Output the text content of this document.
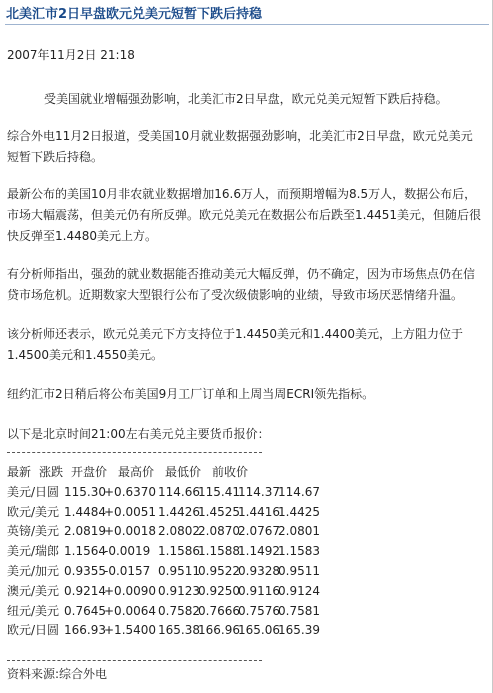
北美汇市2日早盘欧元兑美元短暂下跌后持稳
2007年11月2日 21:18
受美国就业增幅强劲影响，北美汇市2日早盘，欧元兑美元短暂下跌后持稳。
综合外电11月2日报道，受美国10月就业数据强劲影响，北美汇市2日早盘，欧元兑美元
短暂下跌后持稳。
最新公布的美国10月非农就业数据增加16.6万人，而预期增幅为8.5万人，数据公布后，
市场大幅震荡，但美元仍有所反弹。欧元兑美元在数据公布后跌至1.4451美元，但随后很
快反弹至1.4480美元上方。
有分析师指出，强劲的就业数据能否推动美元大幅反弹，仍不确定，因为市场焦点仍在信
贷市场危机。近期数家大型银行公布了受次级债影响的业绩，导致市场厌恶情绪升温。
该分析师还表示，欧元兑美元下方支持位于1.4450美元和1.4400美元，上方阻力位于
1.4500美元和1.4550美元。
纽约汇市2日稍后将公布美国9月工厂订单和上周当周ECRI领先指标。
以下是北京时间21:00左右美元兑主要货币报价：
最新 涨跌 开盘价 最高价 最低价 前收价
美元/日圆 115.30+0.6370 114.66115.41114.37114.67
欧元/美元 1.4484+0.0051 1.44261.45251.44161.4425
英镑/美元 2.0819+0.0018 2.08022.08702.07672.0801
美元/瑞郎 1.1564-0.0019 1.15861.15881.14921.1583
美元/加元 0.9355-0.0157 0.95110.95220.93280.9511
澳元/美元 0.9214+0.0090 0.91230.92500.91160.9124
纽元/美元 0.7645+0.0064 0.75820.76660.75760.7581
欧元/日圆 166.93+1.5400 165.38166.96165.06165.39
资料来源:综合外电
